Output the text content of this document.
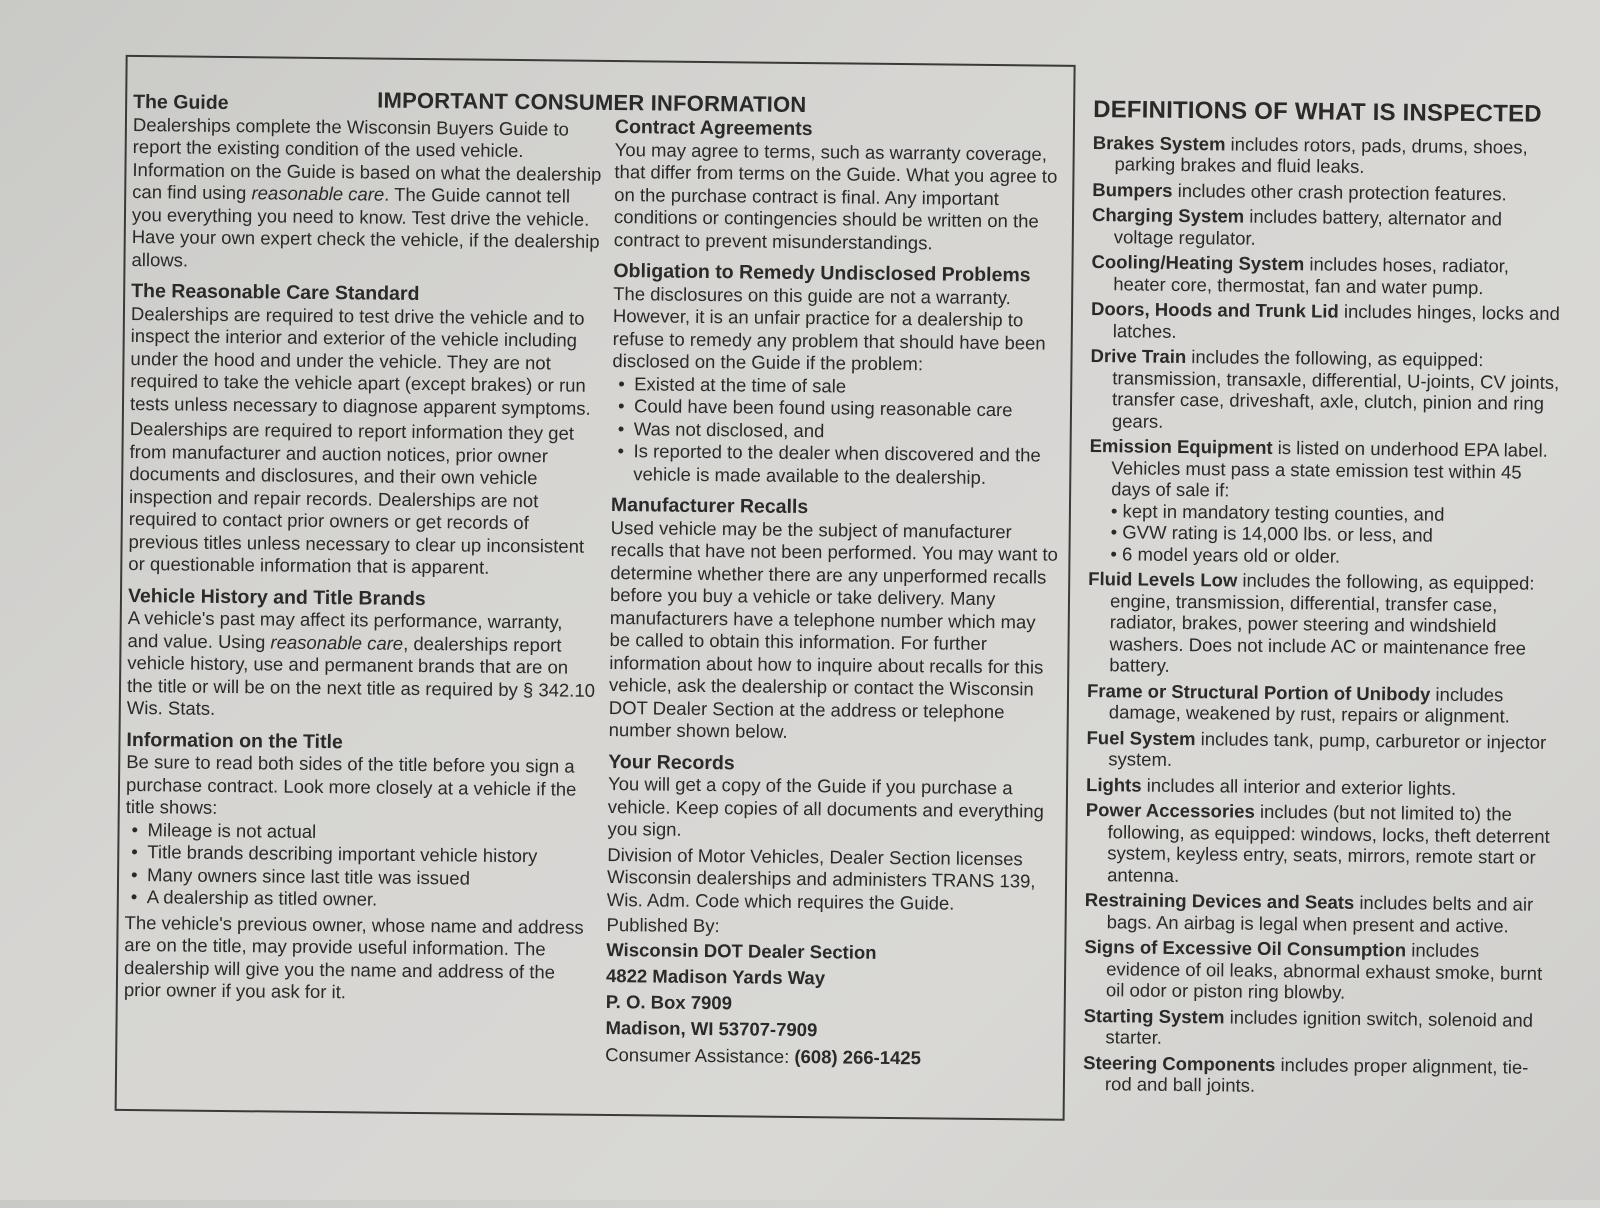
IMPORTANT CONSUMER INFORMATION

The Guide

Dealerships complete the Wisconsin Buyers Guide to report the existing condition of the used vehicle. Information on the Guide is based on what the dealership can find using reasonable care. The Guide cannot tell you everything you need to know. Test drive the vehicle. Have your own expert check the vehicle, if the dealership allows.

The Reasonable Care Standard

Dealerships are required to test drive the vehicle and to inspect the interior and exterior of the vehicle including under the hood and under the vehicle. They are not required to take the vehicle apart (except brakes) or run tests unless necessary to diagnose apparent symptoms.

Dealerships are required to report information they get from manufacturer and auction notices, prior owner documents and disclosures, and their own vehicle inspection and repair records. Dealerships are not required to contact prior owners or get records of previous titles unless necessary to clear up inconsistent or questionable information that is apparent.

Vehicle History and Title Brands

A vehicle's past may affect its performance, warranty, and value. Using reasonable care, dealerships report vehicle history, use and permanent brands that are on the title or will be on the next title as required by § 342.10 Wis. Stats.

Information on the Title

Be sure to read both sides of the title before you sign a purchase contract. Look more closely at a vehicle if the title shows:

• Mileage is not actual

• Title brands describing important vehicle history

• Many owners since last title was issued

• A dealership as titled owner.

The vehicle's previous owner, whose name and address are on the title, may provide useful information. The dealership will give you the name and address of the prior owner if you ask for it.

Contract Agreements

You may agree to terms, such as warranty coverage, that differ from terms on the Guide. What you agree to on the purchase contract is final. Any important conditions or contingencies should be written on the contract to prevent misunderstandings.

Obligation to Remedy Undisclosed Problems

The disclosures on this guide are not a warranty. However, it is an unfair practice for a dealership to refuse to remedy any problem that should have been disclosed on the Guide if the problem:

• Existed at the time of sale

• Could have been found using reasonable care

• Was not disclosed, and

• Is reported to the dealer when discovered and the vehicle is made available to the dealership.

Manufacturer Recalls

Used vehicle may be the subject of manufacturer recalls that have not been performed. You may want to determine whether there are any unperformed recalls before you buy a vehicle or take delivery. Many manufacturers have a telephone number which may be called to obtain this information. For further information about how to inquire about recalls for this vehicle, ask the dealership or contact the Wisconsin DOT Dealer Section at the address or telephone number shown below.

Your Records

You will get a copy of the Guide if you purchase a vehicle. Keep copies of all documents and everything you sign.

Division of Motor Vehicles, Dealer Section licenses Wisconsin dealerships and administers TRANS 139, Wis. Adm. Code which requires the Guide.

Published By:

Wisconsin DOT Dealer Section

4822 Madison Yards Way

P. O. Box 7909

Madison, WI 53707-7909

Consumer Assistance: (608) 266-1425

DEFINITIONS OF WHAT IS INSPECTED

Brakes System includes rotors, pads, drums, shoes, parking brakes and fluid leaks.

Bumpers includes other crash protection features.

Charging System includes battery, alternator and voltage regulator.

Cooling/Heating System includes hoses, radiator, heater core, thermostat, fan and water pump.

Doors, Hoods and Trunk Lid includes hinges, locks and latches.

Drive Train includes the following, as equipped: transmission, transaxle, differential, U-joints, CV joints, transfer case, driveshaft, axle, clutch, pinion and ring gears.

Emission Equipment is listed on underhood EPA label. Vehicles must pass a state emission test within 45 days of sale if:

• kept in mandatory testing counties, and

• GVW rating is 14,000 lbs. or less, and

• 6 model years old or older.

Fluid Levels Low includes the following, as equipped: engine, transmission, differential, transfer case, radiator, brakes, power steering and windshield washers. Does not include AC or maintenance free battery.

Frame or Structural Portion of Unibody includes damage, weakened by rust, repairs or alignment.

Fuel System includes tank, pump, carburetor or injector system.

Lights includes all interior and exterior lights.

Power Accessories includes (but not limited to) the following, as equipped: windows, locks, theft deterrent system, keyless entry, seats, mirrors, remote start or antenna.

Restraining Devices and Seats includes belts and air bags. An airbag is legal when present and active.

Signs of Excessive Oil Consumption includes evidence of oil leaks, abnormal exhaust smoke, burnt oil odor or piston ring blowby.

Starting System includes ignition switch, solenoid and starter.

Steering Components includes proper alignment, tie-rod and ball joints.
